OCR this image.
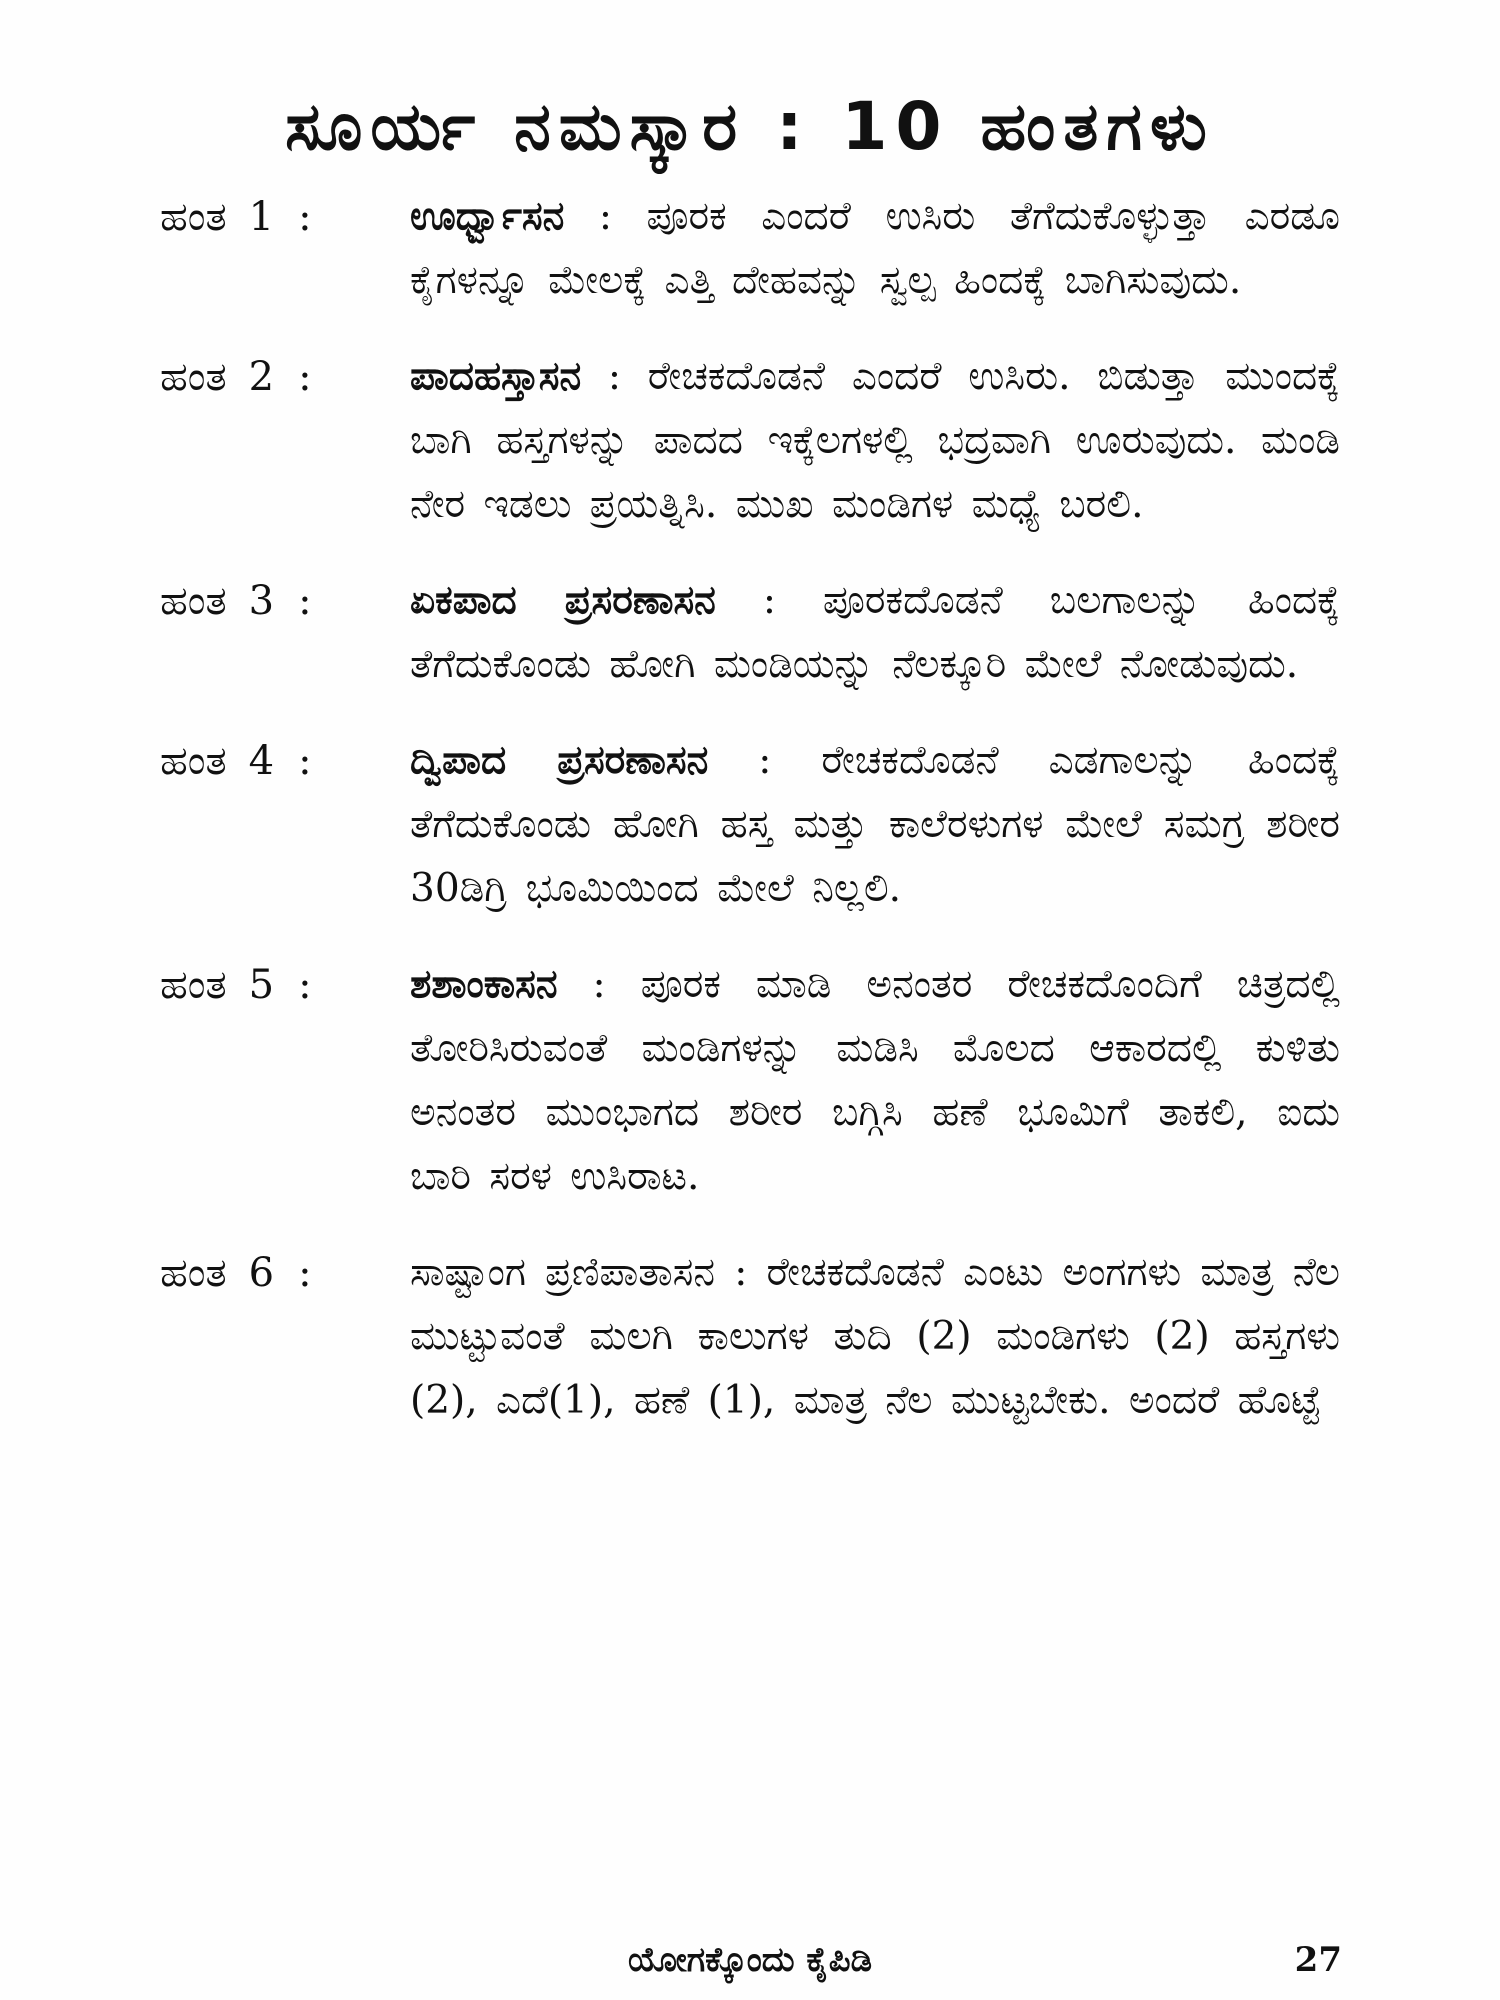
ಸೂರ್ಯ ನಮಸ್ಕಾರ : 10 ಹಂತಗಳು
ಹಂತ 1 :	ಊರ್ಧ್ವಾಸನ : ಪೂರಕ ಎಂದರೆ ಉಸಿರು ತೆಗೆದುಕೊಳ್ಳುತ್ತಾ ಎರಡೂ ಕೈಗಳನ್ನೂ ಮೇಲಕ್ಕೆ ಎತ್ತಿ ದೇಹವನ್ನು ಸ್ವಲ್ಪ ಹಿಂದಕ್ಕೆ ಬಾಗಿಸುವುದು.
ಹಂತ 2 :	ಪಾದಹಸ್ತಾಸನ : ರೇಚಕದೊಡನೆ ಎಂದರೆ ಉಸಿರು. ಬಿಡುತ್ತಾ ಮುಂದಕ್ಕೆ ಬಾಗಿ ಹಸ್ತಗಳನ್ನು ಪಾದದ ಇಕ್ಕೆಲಗಳಲ್ಲಿ ಭದ್ರವಾಗಿ ಊರುವುದು. ಮಂಡಿ ನೇರ ಇಡಲು ಪ್ರಯತ್ನಿಸಿ. ಮುಖ ಮಂಡಿಗಳ ಮಧ್ಯೆ ಬರಲಿ.
ಹಂತ 3 :	ಏಕಪಾದ ಪ್ರಸರಣಾಸನ : ಪೂರಕದೊಡನೆ ಬಲಗಾಲನ್ನು ಹಿಂದಕ್ಕೆ ತೆಗೆದುಕೊಂಡು ಹೋಗಿ ಮಂಡಿಯನ್ನು ನೆಲಕ್ಕೂರಿ ಮೇಲೆ ನೋಡುವುದು.
ಹಂತ 4 :	ದ್ವಿಪಾದ ಪ್ರಸರಣಾಸನ : ರೇಚಕದೊಡನೆ ಎಡಗಾಲನ್ನು ಹಿಂದಕ್ಕೆ ತೆಗೆದುಕೊಂಡು ಹೋಗಿ ಹಸ್ತ ಮತ್ತು ಕಾಲೆರಳುಗಳ ಮೇಲೆ ಸಮಗ್ರ ಶರೀರ 30ಡಿಗ್ರಿ ಭೂಮಿಯಿಂದ ಮೇಲೆ ನಿಲ್ಲಲಿ.
ಹಂತ 5 :	ಶಶಾಂಕಾಸನ : ಪೂರಕ ಮಾಡಿ ಅನಂತರ ರೇಚಕದೊಂದಿಗೆ ಚಿತ್ರದಲ್ಲಿ ತೋರಿಸಿರುವಂತೆ ಮಂಡಿಗಳನ್ನು ಮಡಿಸಿ ಮೊಲದ ಆಕಾರದಲ್ಲಿ ಕುಳಿತು ಅನಂತರ ಮುಂಭಾಗದ ಶರೀರ ಬಗ್ಗಿಸಿ ಹಣೆ ಭೂಮಿಗೆ ತಾಕಲಿ, ಐದು ಬಾರಿ ಸರಳ ಉಸಿರಾಟ.
ಹಂತ 6 :	ಸಾಷ್ಟಾಂಗ ಪ್ರಣಿಪಾತಾಸನ : ರೇಚಕದೊಡನೆ ಎಂಟು ಅಂಗಗಳು ಮಾತ್ರ ನೆಲ ಮುಟ್ಟುವಂತೆ ಮಲಗಿ ಕಾಲುಗಳ ತುದಿ (2) ಮಂಡಿಗಳು (2) ಹಸ್ತಗಳು (2), ಎದೆ(1), ಹಣೆ (1), ಮಾತ್ರ ನೆಲ ಮುಟ್ಟಬೇಕು. ಅಂದರೆ ಹೊಟ್ಟೆ
ಯೋಗಕ್ಕೊಂದು ಕೈಪಿಡಿ	27
